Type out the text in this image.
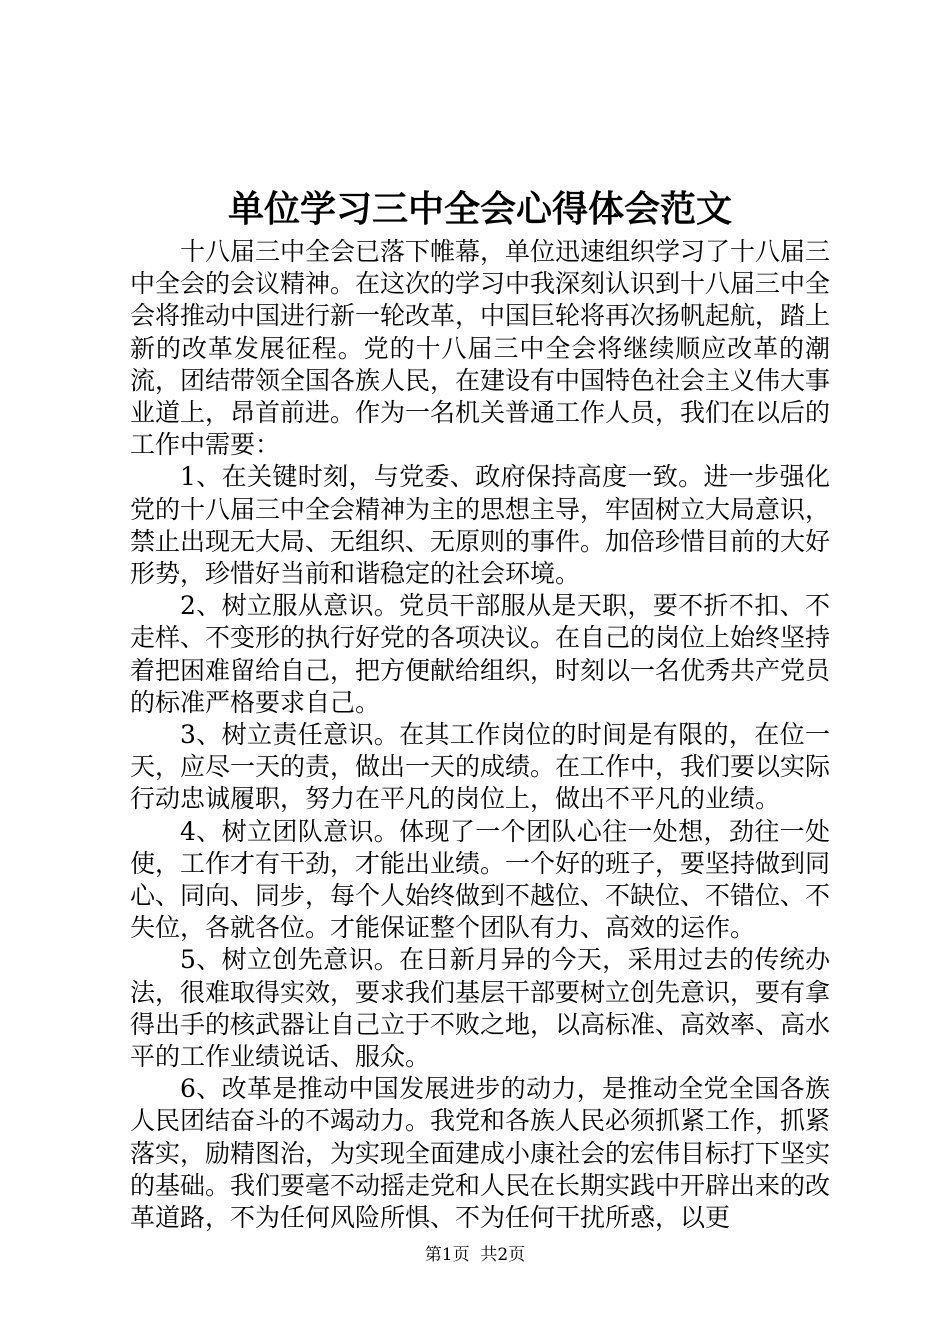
单位学习三中全会心得体会范文

十八届三中全会已落下帷幕，单位迅速组织学习了十八届三中全会的会议精神。在这次的学习中我深刻认识到十八届三中全会将推动中国进行新一轮改革，中国巨轮将再次扬帆起航，踏上新的改革发展征程。党的十八届三中全会将继续顺应改革的潮流，团结带领全国各族人民，在建设有中国特色社会主义伟大事业道上，昂首前进。作为一名机关普通工作人员，我们在以后的工作中需要：

1、在关键时刻，与党委、政府保持高度一致。进一步强化党的十八届三中全会精神为主的思想主导，牢固树立大局意识，禁止出现无大局、无组织、无原则的事件。加倍珍惜目前的大好形势，珍惜好当前和谐稳定的社会环境。

2、树立服从意识。党员干部服从是天职，要不折不扣、不走样、不变形的执行好党的各项决议。在自己的岗位上始终坚持着把困难留给自己，把方便献给组织，时刻以一名优秀共产党员的标准严格要求自己。

3、树立责任意识。在其工作岗位的时间是有限的，在位一天，应尽一天的责，做出一天的成绩。在工作中，我们要以实际行动忠诚履职，努力在平凡的岗位上，做出不平凡的业绩。

4、树立团队意识。体现了一个团队心往一处想，劲往一处使，工作才有干劲，才能出业绩。一个好的班子，要坚持做到同心、同向、同步，每个人始终做到不越位、不缺位、不错位、不失位，各就各位。才能保证整个团队有力、高效的运作。

5、树立创先意识。在日新月异的今天，采用过去的传统办法，很难取得实效，要求我们基层干部要树立创先意识，要有拿得出手的核武器让自己立于不败之地，以高标准、高效率、高水平的工作业绩说话、服众。

6、改革是推动中国发展进步的动力，是推动全党全国各族人民团结奋斗的不竭动力。我党和各族人民必须抓紧工作，抓紧落实，励精图治，为实现全面建成小康社会的宏伟目标打下坚实的基础。我们要毫不动摇走党和人民在长期实践中开辟出来的改革道路，不为任何风险所惧、不为任何干扰所惑，以更

第1页 共2页
